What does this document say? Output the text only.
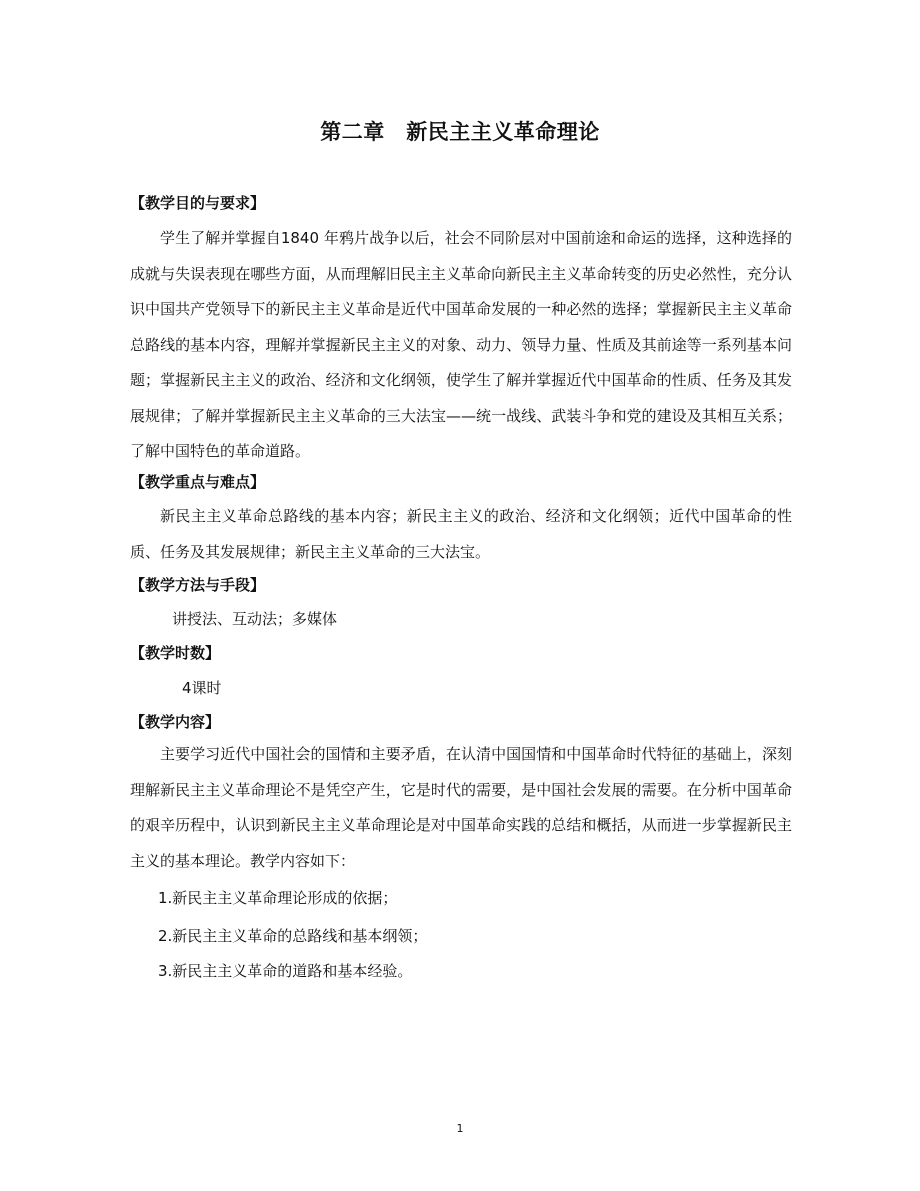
第二章　新民主主义革命理论
【教学目的与要求】
学生了解并掌握自1840 年鸦片战争以后，社会不同阶层对中国前途和命运的选择，这种选择的成就与失误表现在哪些方面，从而理解旧民主主义革命向新民主主义革命转变的历史必然性，充分认识中国共产党领导下的新民主主义革命是近代中国革命发展的一种必然的选择；掌握新民主主义革命总路线的基本内容，理解并掌握新民主主义的对象、动力、领导力量、性质及其前途等一系列基本问题；掌握新民主主义的政治、经济和文化纲领，使学生了解并掌握近代中国革命的性质、任务及其发展规律；了解并掌握新民主主义革命的三大法宝——统一战线、武装斗争和党的建设及其相互关系；了解中国特色的革命道路。
【教学重点与难点】
新民主主义革命总路线的基本内容；新民主主义的政治、经济和文化纲领；近代中国革命的性质、任务及其发展规律；新民主主义革命的三大法宝。
【教学方法与手段】
讲授法、互动法；多媒体
【教学时数】
4课时
【教学内容】
主要学习近代中国社会的国情和主要矛盾，在认清中国国情和中国革命时代特征的基础上，深刻理解新民主主义革命理论不是凭空产生，它是时代的需要，是中国社会发展的需要。在分析中国革命的艰辛历程中，认识到新民主主义革命理论是对中国革命实践的总结和概括，从而进一步掌握新民主主义的基本理论。教学内容如下：
1.新民主主义革命理论形成的依据；
2.新民主主义革命的总路线和基本纲领；
3.新民主主义革命的道路和基本经验。
1
